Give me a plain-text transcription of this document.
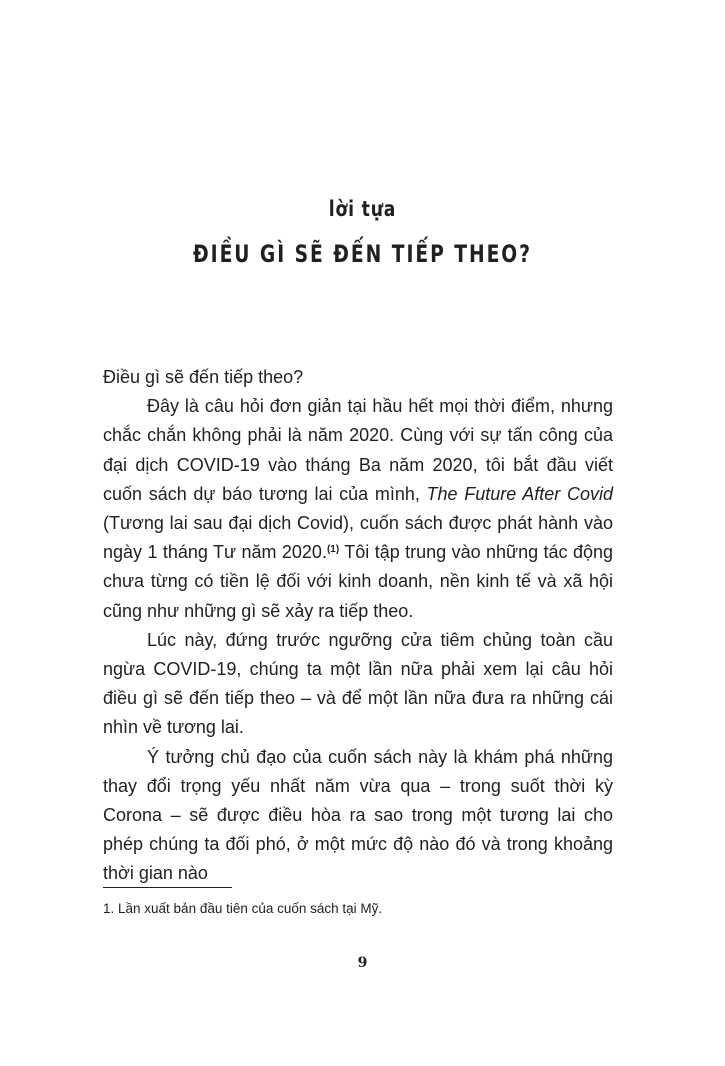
lời tựa
ĐIỀU GÌ SẼ ĐẾN TIẾP THEO?

Điều gì sẽ đến tiếp theo?

Đây là câu hỏi đơn giản tại hầu hết mọi thời điểm, nhưng chắc chắn không phải là năm 2020. Cùng với sự tấn công của đại dịch COVID-19 vào tháng Ba năm 2020, tôi bắt đầu viết cuốn sách dự báo tương lai của mình, The Future After Covid (Tương lai sau đại dịch Covid), cuốn sách được phát hành vào ngày 1 tháng Tư năm 2020.$^{(1)}$ Tôi tập trung vào những tác động chưa từng có tiền lệ đối với kinh doanh, nền kinh tế và xã hội cũng như những gì sẽ xảy ra tiếp theo.

Lúc này, đứng trước ngưỡng cửa tiêm chủng toàn cầu ngừa COVID-19, chúng ta một lần nữa phải xem lại câu hỏi điều gì sẽ đến tiếp theo – và để một lần nữa đưa ra những cái nhìn về tương lai.

Ý tưởng chủ đạo của cuốn sách này là khám phá những thay đổi trọng yếu nhất năm vừa qua – trong suốt thời kỳ Corona – sẽ được điều hòa ra sao trong một tương lai cho phép chúng ta đối phó, ở một mức độ nào đó và trong khoảng thời gian nào

1. Lần xuất bản đầu tiên của cuốn sách tại Mỹ.
9
